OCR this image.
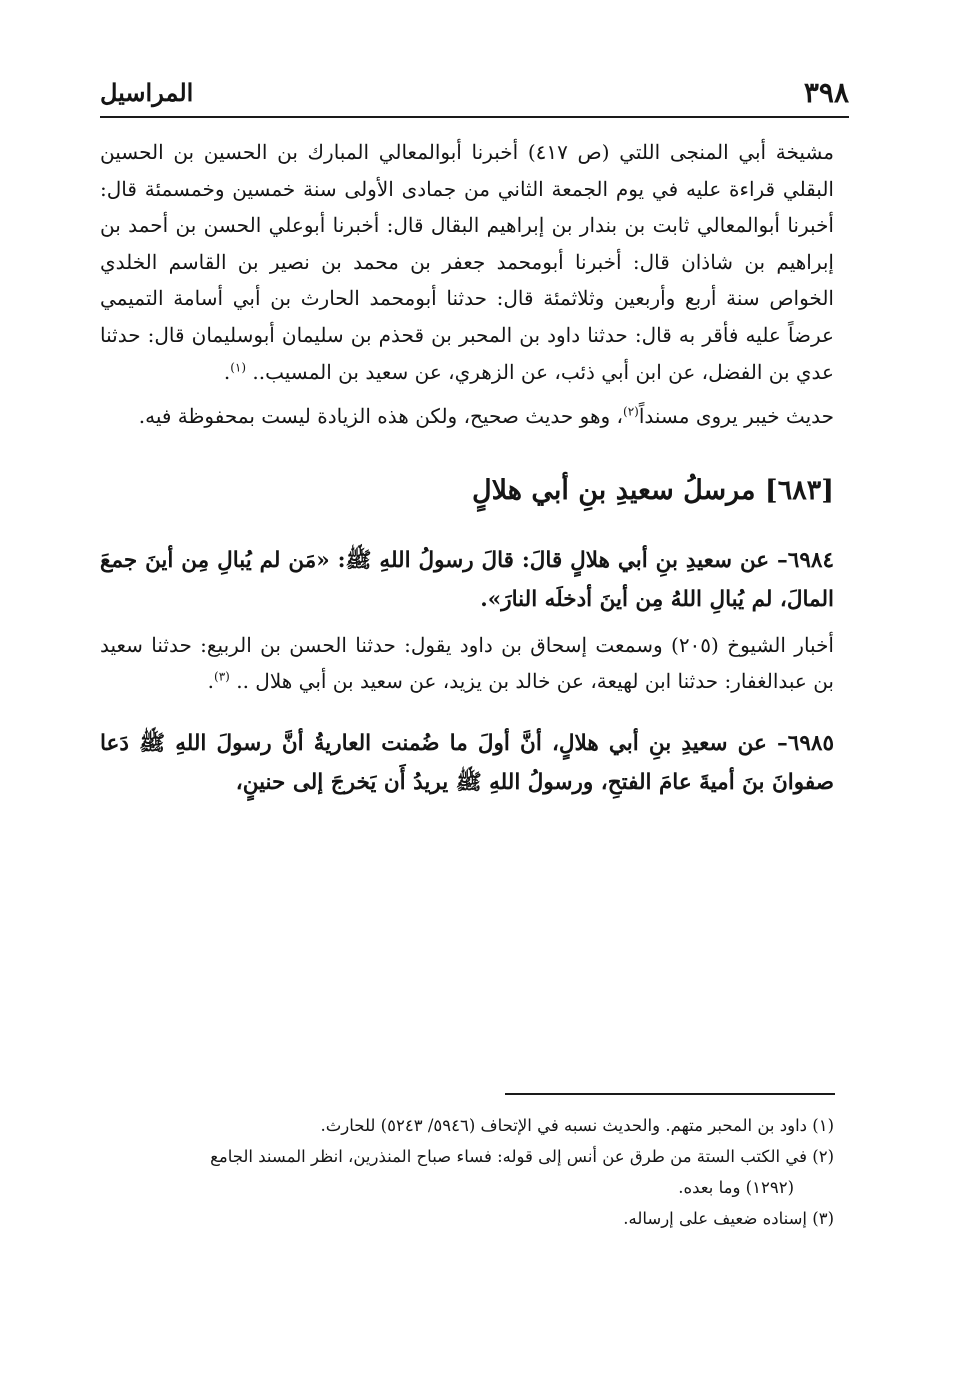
٣٩٨
المراسيل

مشيخة أبي المنجى اللتي (ص ٤١٧) أخبرنا أبوالمعالي المبارك بن الحسين بن الحسين البقلي قراءة عليه في يوم الجمعة الثاني من جمادى الأولى سنة خمسين وخمسمئة قال: أخبرنا أبوالمعالي ثابت بن بندار بن إبراهيم البقال قال: أخبرنا أبوعلي الحسن بن أحمد بن إبراهيم بن شاذان قال: أخبرنا أبومحمد جعفر بن محمد بن نصير بن القاسم الخلدي الخواص سنة أربع وأربعين وثلاثمئة قال: حدثنا أبومحمد الحارث بن أبي أسامة التميمي عرضاً عليه فأقر به قال: حدثنا داود بن المحبر بن قحذم بن سليمان أبوسليمان قال: حدثنا عدي بن الفضل، عن ابن أبي ذئب، عن الزهري، عن سعيد بن المسيب.. $^{(١)}$.

حديث خيبر يروى مسنداً$^{(٢)}$، وهو حديث صحيح، ولكن هذه الزيادة ليست بمحفوظة فيه.

[٦٨٣] مرسلُ سعيدِ بنِ أبي هلالٍ

٦٩٨٤– عن سعيدِ بنِ أبي هلالٍ قالَ: قالَ رسولُ اللهِ ﷺ: «مَن لم يُبالِ مِن أينَ جمعَ المالَ، لم يُبالِ اللهُ مِن أينَ أدخلَه النارَ».

أخبار الشيوخ (٢٠٥) وسمعت إسحاق بن داود يقول: حدثنا الحسن بن الربيع: حدثنا سعيد بن عبدالغفار: حدثنا ابن لهيعة، عن خالد بن يزيد، عن سعيد بن أبي هلال .. $^{(٣)}$.

٦٩٨٥– عن سعيدِ بنِ أبي هلالٍ، أنَّ أولَ ما ضُمنت العاريةُ أنَّ رسولَ اللهِ ﷺ دَعا صفوانَ بنَ أميةَ عامَ الفتحِ، ورسولُ اللهِ ﷺ يريدُ أَن يَخرجَ إلى حنينٍ،

(١) داود بن المحبر متهم. والحديث نسبه في الإتحاف (٥٩٤٦/ ٥٢٤٣) للحارث.

(٢) في الكتب الستة من طرق عن أنس إلى قوله: فساء صباح المنذرين، انظر المسند الجامع

(١٢٩٢) وما بعده.

(٣) إسناده ضعيف على إرساله.
